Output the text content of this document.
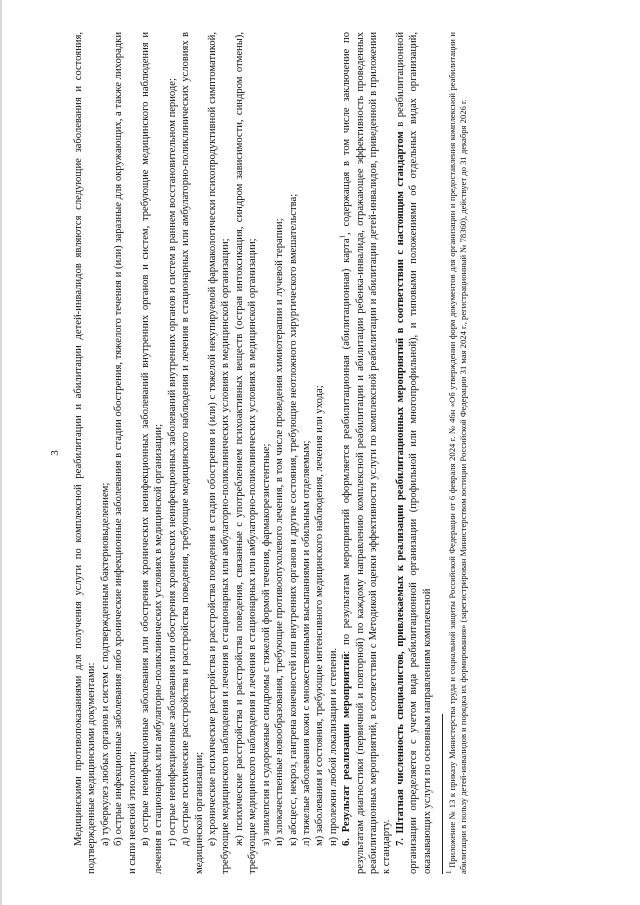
3 Медицинскими противопоказаниями для получения услуги по комплексной реабилитации и абилитации детей-инвалидов являются следующие заболевания и состояния, подтвержденные медицинскими документами: а) туберкулез любых органов и систем с подтвержденным бактериовыделением; б) острые инфекционные заболевания либо хронические инфекционные заболевания в стадии обострения, тяжелого течения и (или) заразные для окружающих, а также лихорадки и сыпи неясной этиологии; в) острые неинфекционные заболевания или обострения хронических неинфекционных заболеваний внутренних органов и систем, требующие медицинского наблюдения и лечения в стационарных или амбулаторно-поликлинических условиях в медицинской организации; г) острые неинфекционные заболевания или обострения хронических неинфекционных заболеваний внутренних органов и систем в раннем восстановительном периоде; д) острые психические расстройства и расстройства поведения, требующие медицинского наблюдения и лечения в стационарных или амбулаторно-поликлинических условиях в медицинской организации; е) хронические психические расстройства и расстройства поведения в стадии обострения и (или) с тяжелой некупируемой фармакологически психопродуктивной симптоматикой, требующие медицинского наблюдения и лечения в стационарных или амбулаторно-поликлинических условиях в медицинской организации; ж) психические расстройства и расстройства поведения, связанные с употреблением психоактивных веществ (острая интоксикация, синдром зависимости, синдром отмены), требующие медицинского наблюдения и лечения в стационарных или амбулаторно-поликлинических условиях в медицинской организации; з) эпилепсия и судорожные синдромы с тяжелой формой течения, фармакорезистентные; и) злокачественные новообразования, требующие противоопухолевого лечения, в том числе проведения химиотерапии и лучевой терапии; к) абсцесс, некроз, гангрена конечностей или внутренних органов и другие состояния, требующие неотложного хирургического вмешательства; л) тяжелые заболевания кожи с множественными высыпаниями и обильным отделяемым; м) заболевания и состояния, требующие интенсивного медицинского наблюдения, лечения или ухода; н) пролежни любой локализации и степени. 6. Результат реализации мероприятий: по результатам мероприятий оформляется реабилитационная (абилитационная) карта$^1$, содержащая в том числе заключение по результатам диагностики (первичной и повторной) по каждому направлению комплексной реабилитации и абилитации ребенка-инвалида, отражающее эффективность проведенных реабилитационных мероприятий, в соответствии с Методикой оценки эффективности услуги по комплексной реабилитации и абилитации детей-инвалидов, приведенной в приложении к стандарту.

7. Штатная численность специалистов, привлекаемых к реализации реабилитационных мероприятий в соответствии с настоящим стандартом в реабилитационной организации определяется с учетом вида реабилитационной организации (профильной или многопрофильной), и типовыми положениями об отдельных видах организаций, оказывающих услуги по основным направлениям комплексной $^1$ Приложение № 13 к приказу Министерства труда и социальной защиты Российской Федерации от 6 февраля 2024 г. № 46н «Об утверждении форм документов для организации и предоставления комплексной реабилитации и абилитации в пользу детей-инвалидов и порядка их формирования» (зарегистрирован Министерством юстиции Российской Федерации 31 мая 2024 г., регистрационный № 78360), действует до 31 декабря 2026 г.
